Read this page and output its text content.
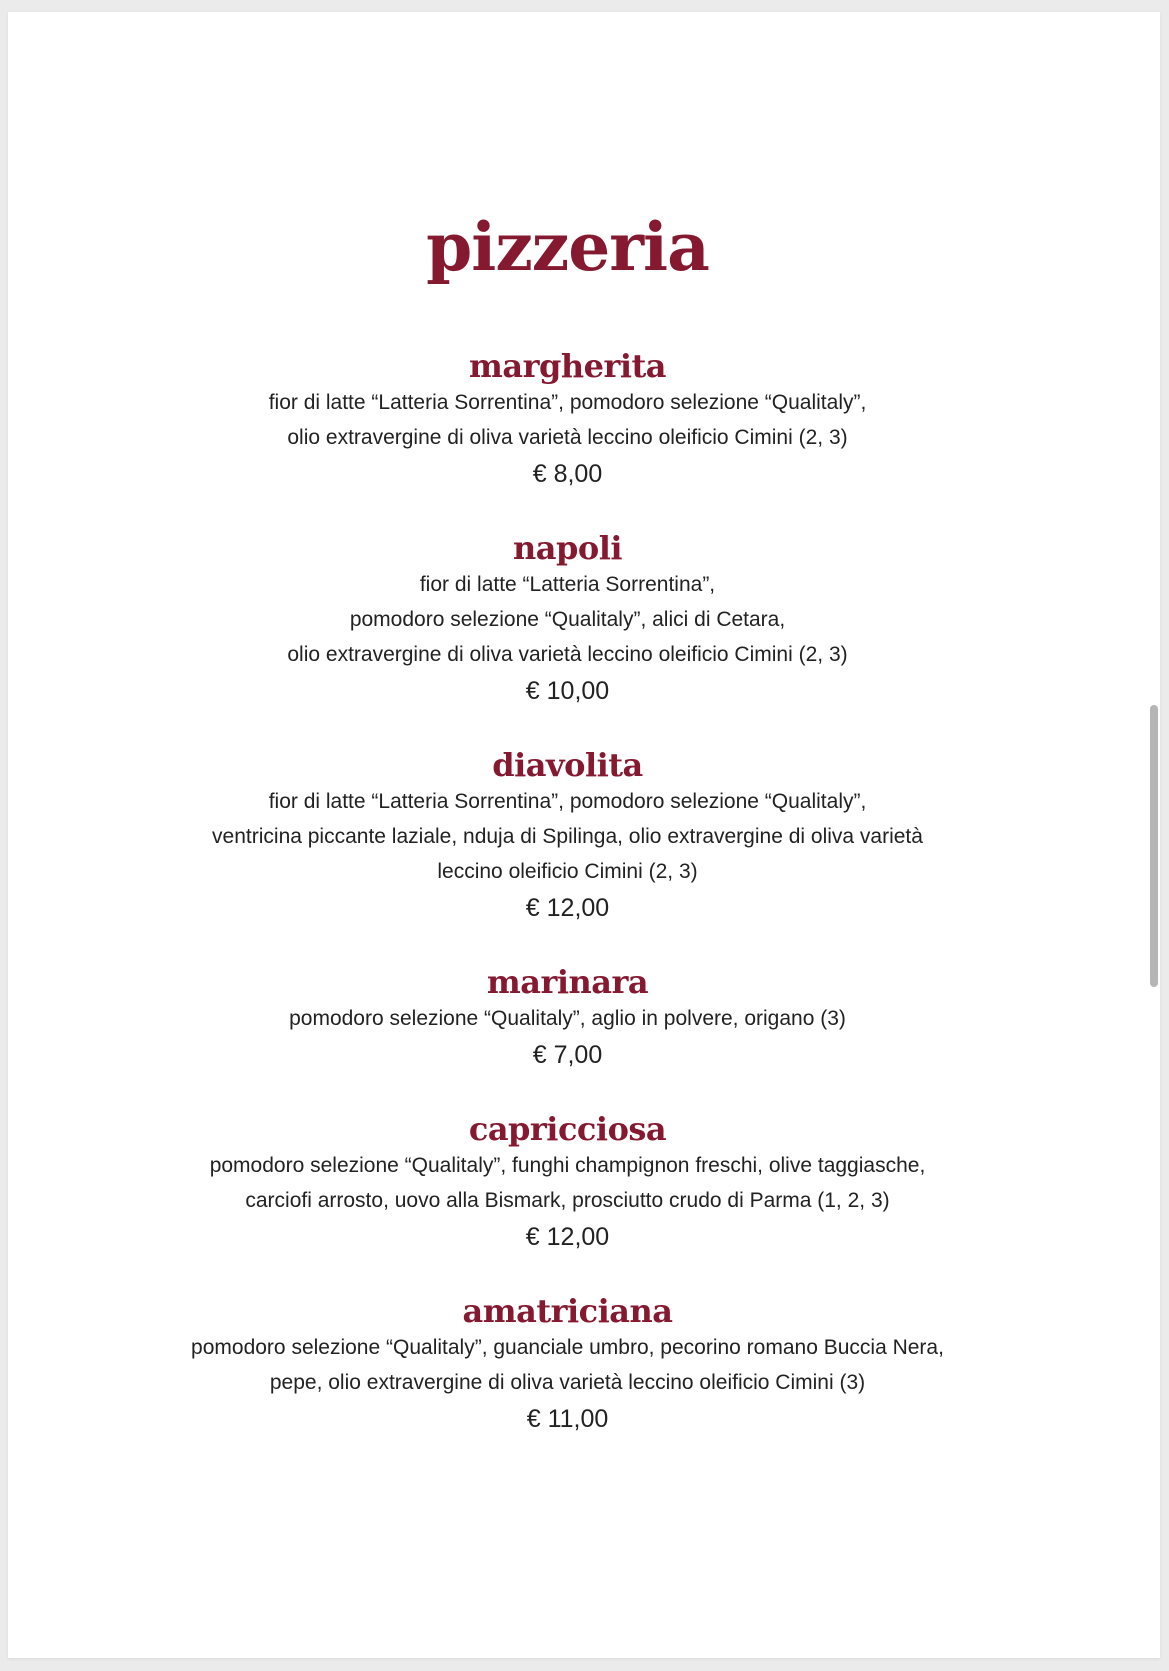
pizzeria

margherita

fior di latte “Latteria Sorrentina”, pomodoro selezione “Qualitaly”,

olio extravergine di oliva varietà leccino oleificio Cimini (2, 3)

€ 8,00

napoli

fior di latte “Latteria Sorrentina”,

pomodoro selezione “Qualitaly”, alici di Cetara,

olio extravergine di oliva varietà leccino oleificio Cimini (2, 3)

€ 10,00

diavolita

fior di latte “Latteria Sorrentina”, pomodoro selezione “Qualitaly”,

ventricina piccante laziale, nduja di Spilinga, olio extravergine di oliva varietà

leccino oleificio Cimini (2, 3)

€ 12,00

marinara

pomodoro selezione “Qualitaly”, aglio in polvere, origano (3)

€ 7,00

capricciosa

pomodoro selezione “Qualitaly”, funghi champignon freschi, olive taggiasche,

carciofi arrosto, uovo alla Bismark, prosciutto crudo di Parma (1, 2, 3)

€ 12,00

amatriciana

pomodoro selezione “Qualitaly”, guanciale umbro, pecorino romano Buccia Nera,

pepe, olio extravergine di oliva varietà leccino oleificio Cimini (3)

€ 11,00
